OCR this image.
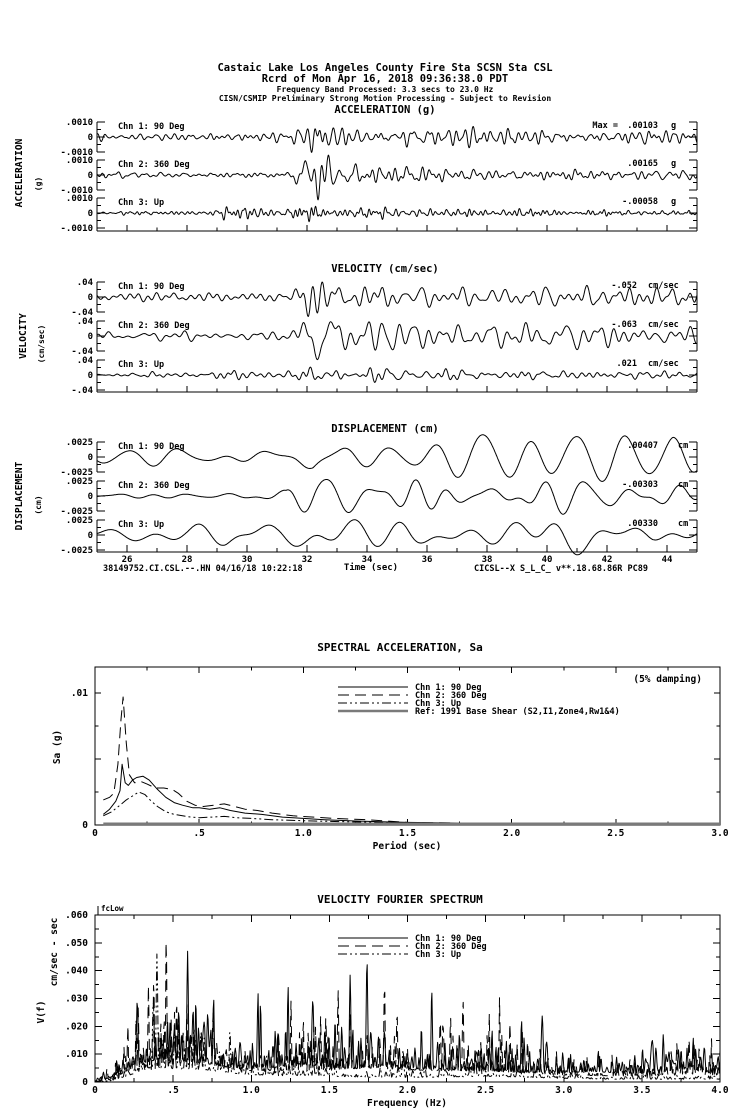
.0010
0
-.0010
Chn 1: 90 Deg	Max = .00103 g
.0010
0
-.0010
Chn 2: 360 Deg	.00165 g
.0010
0
-.0010
Chn 3: Up	-.00058 g
.04
0
-.04
Chn 1: 90 Deg	-.052 cm/sec
.04
0
-.04
Chn 2: 360 Deg	-.063 cm/sec
.04
0
-.04
Chn 3: Up	.021 cm/sec
26	28	30	32	34	36	38	40	42	44
.0025
0
-.0025
Chn 1: 90 Deg	.00407 cm
.0025
0
-.0025
Chn 2: 360 Deg	-.00303 cm
.0025
0
-.0025
Chn 3: Up	.00330 cm
0	.5	1.0	1.5	2.0	2.5	3.0
.01
0
Chn 1: 90 Deg
Chn 2: 360 Deg
Chn 3: Up
Ref: 1991 Base Shear (S2,I1,Zone4,Rw1&4)
0	.5	1.0	1.5	2.0	2.5	3.0	3.5	4.0
0
.010
.020
.030
.040
.050
.060
Chn 1: 90 Deg
Chn 2: 360 Deg
Chn 3: Up
Castaic Lake Los Angeles County Fire Sta SCSN Sta CSL
Rcrd of Mon Apr 16, 2018 09:36:38.0 PDT
Frequency Band Processed: 3.3 secs to 23.0 Hz
CISN/CSMIP Preliminary Strong Motion Processing - Subject to Revision
ACCELERATION (g)
VELOCITY (cm/sec)
DISPLACEMENT (cm)
ACCELERATION (g)
VELOCITY (cm/sec)
DISPLACEMENT (cm)
Time (sec)
38149752.CI.CSL.--.HN 04/16/18 10:22:18	CICSL--X S_L_C_ v**.18.68.86R PC89
SPECTRAL ACCELERATION, Sa
(5% damping)
Sa (g)
Period (sec)
VELOCITY FOURIER SPECTRUM
fcLow
cm/sec - sec
V(f)
Frequency (Hz)
